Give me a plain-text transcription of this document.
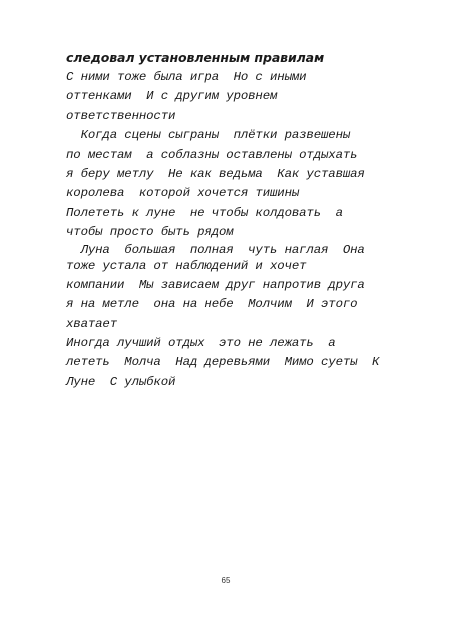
следовал установленным правилам
С ними тоже была игра  Но с иными
оттенками  И с другим уровнем
ответственности
Когда сцены сыграны  плётки развешены
по местам  а соблазны оставлены отдыхать
я беру метлу  Не как ведьма  Как уставшая
королева  которой хочется тишины
Полететь к луне  не чтобы колдовать  а
чтобы просто быть рядом
Луна  большая  полная  чуть наглая  Она
тоже устала от наблюдений и хочет
компании  Мы зависаем друг напротив друга
я на метле  она на небе  Молчим  И этого
хватает
Иногда лучший отдых  это не лежать  а
лететь  Молча  Над деревьями  Мимо суеты  К
Луне  С улыбкой
65
